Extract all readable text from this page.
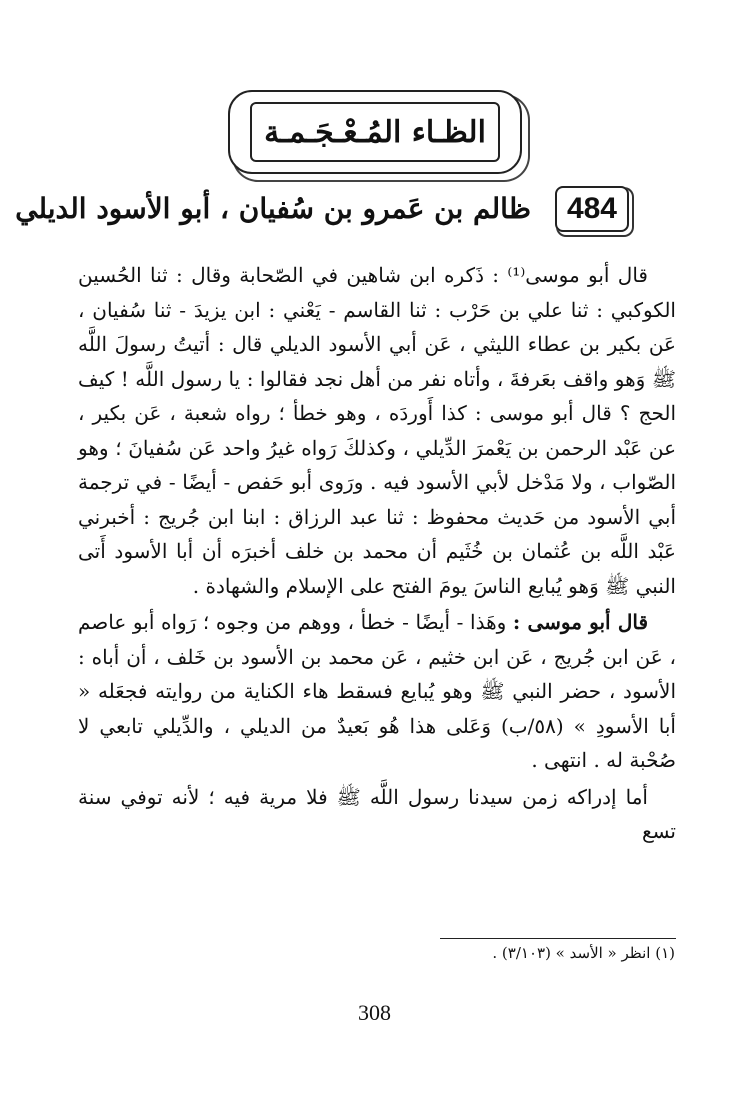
الظـاء المُـعْـجَـمـة
484
ظالم بن عَمرو بن سُفيان ، أبو الأسود الديلي

قال أبو موسى⁽¹⁾ : ذَكره ابن شاهين في الصّحابة وقال : ثنا الحُسين الكوكبي : ثنا علي بن حَرْب : ثنا القاسم - يَعْني : ابن يزيدَ - ثنا سُفيان ، عَن بكير بن عطاء الليثي ، عَن أبي الأسود الديلي قال : أتيتُ رسولَ اللَّه ﷺ وَهو واقف بعَرفةَ ، وأتاه نفر من أهل نجد فقالوا : يا رسول اللَّه ! كيف الحج ؟ قال أبو موسى : كذا أَوردَه ، وهو خطأ ؛ رواه شعبة ، عَن بكير ، عن عَبْد الرحمن بن يَعْمرَ الدِّيلي ، وكذلكَ رَواه غيرُ واحد عَن سُفيانَ ؛ وهو الصّواب ، ولا مَدْخل لأبي الأسود فيه . ورَوى أبو حَفص - أيضًا - في ترجمة أبي الأسود من حَديث محفوظ : ثنا عبد الرزاق : ابنا ابن جُريج : أخبرني عَبْد اللَّه بن عُثمان بن خُثَيم أن محمد بن خلف أخبرَه أن أبا الأسود أَتى النبي ﷺ وَهو يُبايع الناسَ يومَ الفتح على الإسلام والشهادة .

قال أبو موسى : وهَذا - أيضًا - خطأ ، ووهم من وجوه ؛ رَواه أبو عاصم ، عَن ابن جُريج ، عَن ابن خثيم ، عَن محمد بن الأسود بن خَلف ، أن أباه : الأسود ، حضر النبي ﷺ وهو يُبايع فسقط هاء الكناية من روايته فجعَله « أبا الأسودِ » (٥٨/ب) وَعَلى هذا هُو بَعيدٌ من الديلي ، والدِّيلي تابعي لا صُحْبة له . انتهى .

أما إدراكه زمن سيدنا رسول اللَّه ﷺ فلا مرية فيه ؛ لأنه توفي سنة تسع

(١) انظر « الأسد » (٣/١٠٣) .
308
